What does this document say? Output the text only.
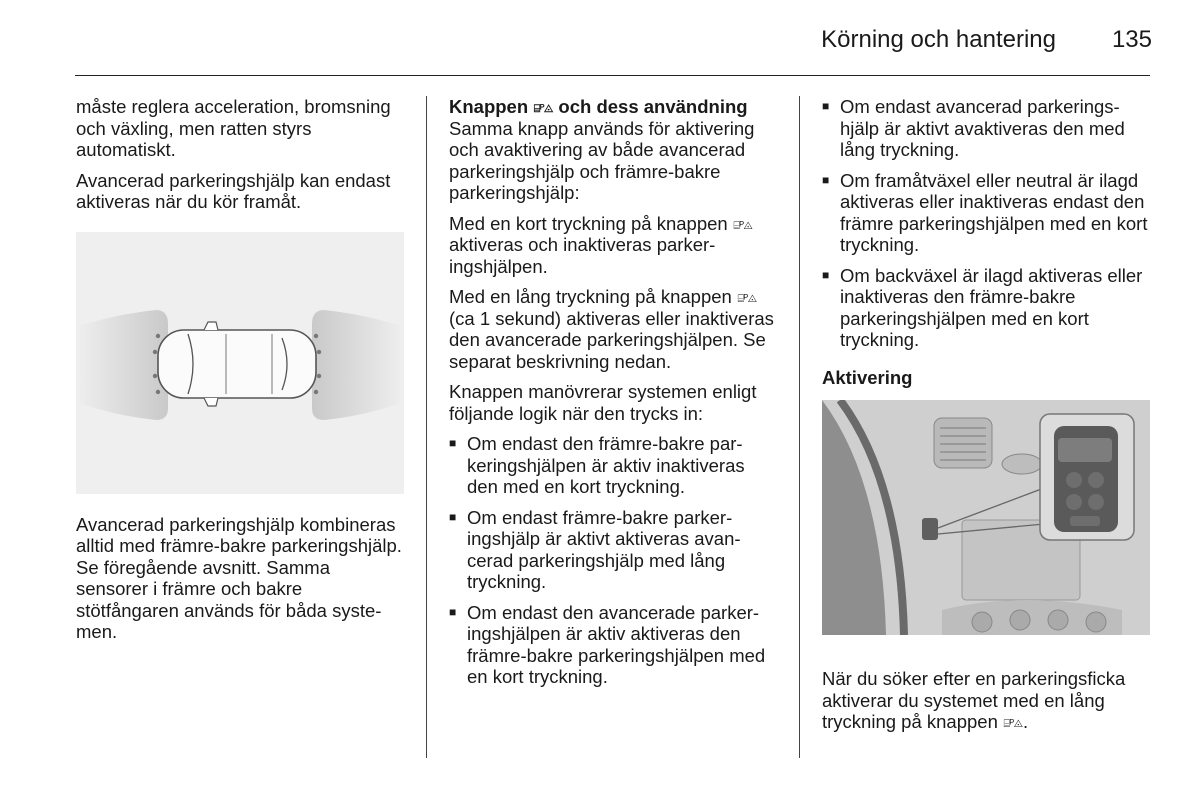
Körning och hantering	135

måste reglera acceleration, bromsning och växling, men ratten styrs automatiskt.

Avancerad parkeringshjälp kan endast aktiveras när du kör framåt.

Avancerad parkeringshjälp kombineras alltid med främre-bakre parkeringshjälp. Se föregående avsnitt. Samma sensorer i främre och bakre stötfångaren används för båda systemen.

Knappen ⌸ᴾ◬ och dess användning

Samma knapp används för aktivering och avaktivering av både avancerad parkeringshjälp och främre-bakre parkeringshjälp:

Med en kort tryckning på knappen ⌸ᴾ◬ aktiveras och inaktiveras parkeringshjälpen.

Med en lång tryckning på knappen ⌸ᴾ◬ (ca 1 sekund) aktiveras eller inaktiveras den avancerade parkeringshjälpen. Se separat beskrivning nedan.

Knappen manövrerar systemen enligt följande logik när den trycks in:

■ Om endast den främre-bakre parkeringshjälpen är aktiv inaktiveras den med en kort tryckning.
■ Om endast främre-bakre parkeringshjälp är aktivt aktiveras avancerad parkeringshjälp med lång tryckning.
■ Om endast den avancerade parkeringshjälpen är aktiv aktiveras den främre-bakre parkeringshjälpen med en kort tryckning.
■ Om endast avancerad parkeringshjälp är aktivt avaktiveras den med lång tryckning.
■ Om framåtväxel eller neutral är ilagd aktiveras eller inaktiveras endast den främre parkeringshjälpen med en kort tryckning.
■ Om backväxel är ilagd aktiveras eller inaktiveras den främre-bakre parkeringshjälpen med en kort tryckning.

Aktivering

När du söker efter en parkeringsficka aktiverar du systemet med en lång tryckning på knappen ⌸ᴾ◬.
